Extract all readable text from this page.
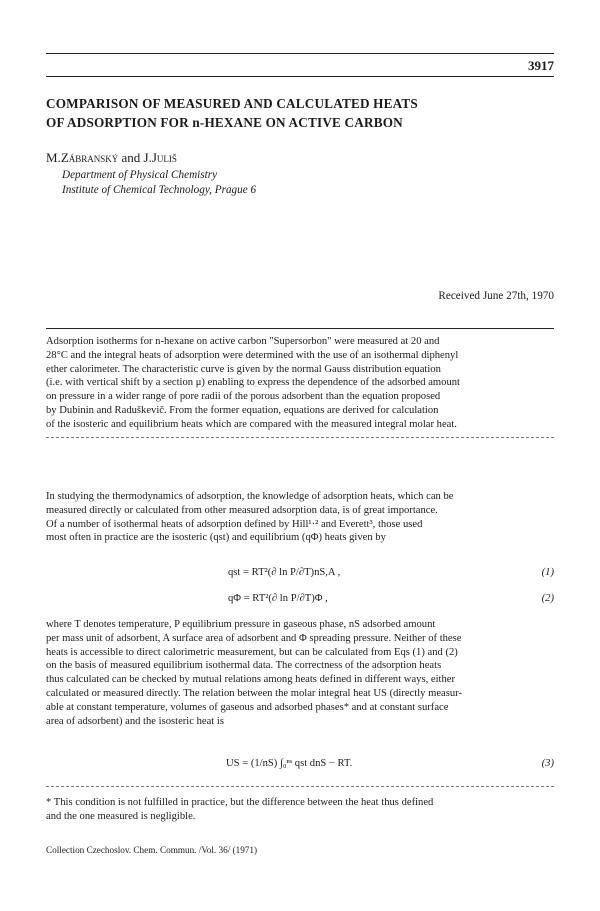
3917
COMPARISON OF MEASURED AND CALCULATED HEATS
OF ADSORPTION FOR n-HEXANE ON ACTIVE CARBON
M.Zábranský and J.Juliš
Department of Physical Chemistry
Institute of Chemical Technology, Prague 6
Received June 27th, 1970
Adsorption isotherms for n-hexane on active carbon "Supersorbon" were measured at 20 and
28°C and the integral heats of adsorption were determined with the use of an isothermal diphenyl
ether calorimeter. The characteristic curve is given by the normal Gauss distribution equation
(i.e. with vertical shift by a section μ) enabling to express the dependence of the adsorbed amount
on pressure in a wider range of pore radii of the porous adsorbent than the equation proposed
by Dubinin and Raduškevič. From the former equation, equations are derived for calculation
of the isosteric and equilibrium heats which are compared with the measured integral molar heat.
In studying the thermodynamics of adsorption, the knowledge of adsorption heats, which can be
measured directly or calculated from other measured adsorption data, is of great importance.
Of a number of isothermal heats of adsorption defined by Hill¹·² and Everett³, those used
most often in practice are the isosteric (qst) and equilibrium (qΦ) heats given by
qst = RT²(∂ ln P/∂T)nS,A ,	(1)
qΦ = RT²(∂ ln P/∂T)Φ ,	(2)
where T denotes temperature, P equilibrium pressure in gaseous phase, nS adsorbed amount
per mass unit of adsorbent, A surface area of adsorbent and Φ spreading pressure. Neither of these
heats is accessible to direct calorimetric measurement, but can be calculated from Eqs (1) and (2)
on the basis of measured equilibrium isothermal data. The correctness of the adsorption heats
thus calculated can be checked by mutual relations among heats defined in different ways, either
calculated or measured directly. The relation between the molar integral heat US (directly measur-
able at constant temperature, volumes of gaseous and adsorbed phases* and at constant surface
area of adsorbent) and the isosteric heat is
US = (1/nS) ∫₀ⁿˢ qst dnS − RT.	(3)
* This condition is not fulfilled in practice, but the difference between the heat thus defined
and the one measured is negligible.
Collection Czechoslov. Chem. Commun. /Vol. 36/ (1971)
